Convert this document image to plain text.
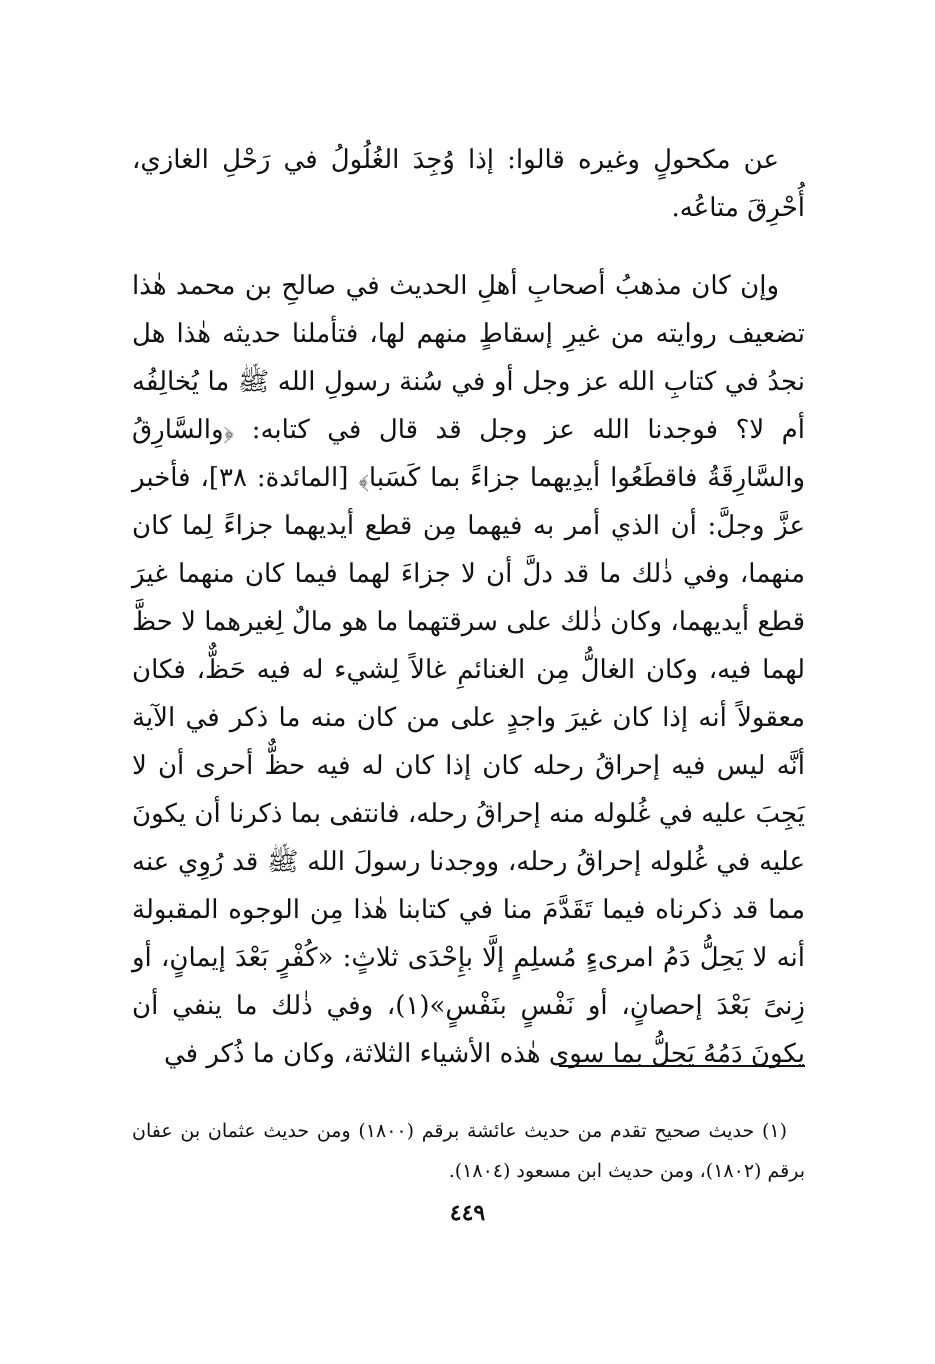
عن مكحولٍ وغيره قالوا: إذا وُجِدَ الغُلُولُ في رَحْلِ الغازي، أُحْرِقَ متاعُه.

وإن كان مذهبُ أصحابِ أهلِ الحديث في صالحِ بن محمد هٰذا تضعيف روايته من غيرِ إسقاطٍ منهم لها، فتأملنا حديثه هٰذا هل نجدُ في كتابِ الله عز وجل أو في سُنة رسولِ الله ﷺ ما يُخالِفُه أم لا؟ فوجدنا الله عز وجل قد قال في كتابه: ﴿والسَّارِقُ والسَّارِقَةُ فاقطَعُوا أيدِيهما جزاءً بما كَسَبا﴾ [المائدة: ٣٨]، فأخبر عزَّ وجلَّ: أن الذي أمر به فيهما مِن قطع أيديهما جزاءً لِما كان منهما، وفي ذٰلك ما قد دلَّ أن لا جزاءَ لهما فيما كان منهما غيرَ قطع أيديهما، وكان ذٰلك على سرقتهما ما هو مالٌ لِغيرهما لا حظَّ لهما فيه، وكان الغالُّ مِن الغنائمِ غالاً لِشيء له فيه حَظٌّ، فكان معقولاً أنه إذا كان غيرَ واجدٍ على من كان منه ما ذكر في الآية أنَّه ليس فيه إحراقُ رحله كان إذا كان له فيه حظٌّ أحرى أن لا يَجِبَ عليه في غُلوله منه إحراقُ رحله، فانتفى بما ذكرنا أن يكونَ عليه في غُلوله إحراقُ رحله، ووجدنا رسولَ الله ﷺ قد رُوِي عنه مما قد ذكرناه فيما تَقَدَّمَ منا في كتابنا هٰذا مِن الوجوه المقبولة أنه لا يَحِلُّ دَمُ امرىءٍ مُسلِمٍ إلَّا بإِحْدَى ثلاثٍ: «كُفْرٍ بَعْدَ إيمانٍ، أو زِنىً بَعْدَ إحصانٍ، أو نَفْسٍ بنَفْسٍ»(١)، وفي ذٰلك ما ينفي أن يكونَ دَمُهُ يَحِلُّ بما سوى هٰذه الأشياء الثلاثة، وكان ما ذُكر في

(١) حديث صحيح تقدم من حديث عائشة برقم (١٨٠٠) ومن حديث عثمان بن عفان برقم (١٨٠٢)، ومن حديث ابن مسعود (١٨٠٤).

٤٤٩
